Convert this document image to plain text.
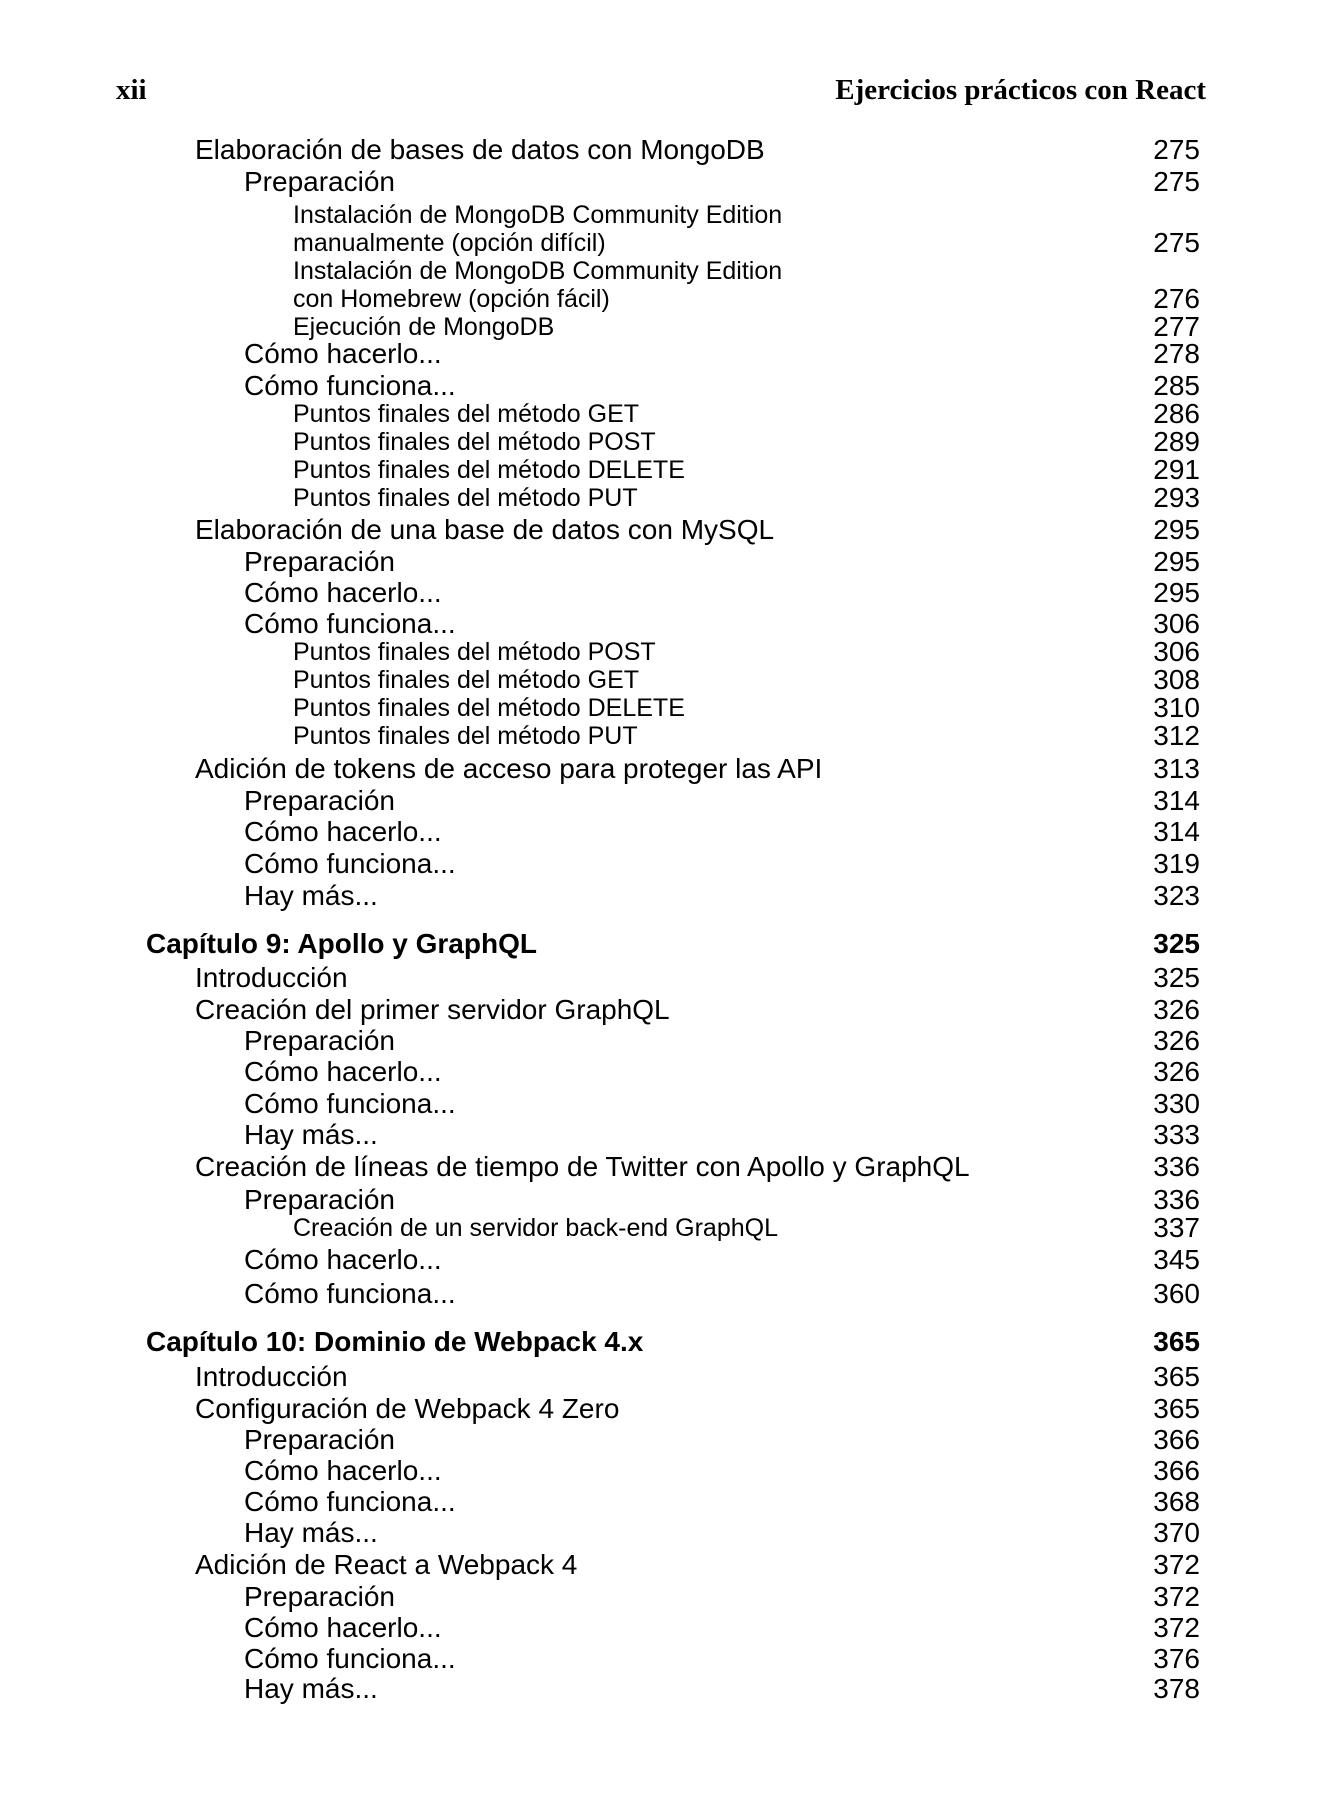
xii	Ejercicios prácticos con React
Elaboración de bases de datos con MongoDB	275
Preparación	275
Instalación de MongoDB Community Edition
manualmente (opción difícil)	275
Instalación de MongoDB Community Edition
con Homebrew (opción fácil)	276
Ejecución de MongoDB	277
Cómo hacerlo...	278
Cómo funciona...	285
Puntos finales del método GET	286
Puntos finales del método POST	289
Puntos finales del método DELETE	291
Puntos finales del método PUT	293
Elaboración de una base de datos con MySQL	295
Preparación	295
Cómo hacerlo...	295
Cómo funciona...	306
Puntos finales del método POST	306
Puntos finales del método GET	308
Puntos finales del método DELETE	310
Puntos finales del método PUT	312
Adición de tokens de acceso para proteger las API	313
Preparación	314
Cómo hacerlo...	314
Cómo funciona...	319
Hay más...	323
Capítulo 9: Apollo y GraphQL	325
Introducción	325
Creación del primer servidor GraphQL	326
Preparación	326
Cómo hacerlo...	326
Cómo funciona...	330
Hay más...	333
Creación de líneas de tiempo de Twitter con Apollo y GraphQL	336
Preparación	336
Creación de un servidor back-end GraphQL	337
Cómo hacerlo...	345
Cómo funciona...	360
Capítulo 10: Dominio de Webpack 4.x	365
Introducción	365
Configuración de Webpack 4 Zero	365
Preparación	366
Cómo hacerlo...	366
Cómo funciona...	368
Hay más...	370
Adición de React a Webpack 4	372
Preparación	372
Cómo hacerlo...	372
Cómo funciona...	376
Hay más...	378
